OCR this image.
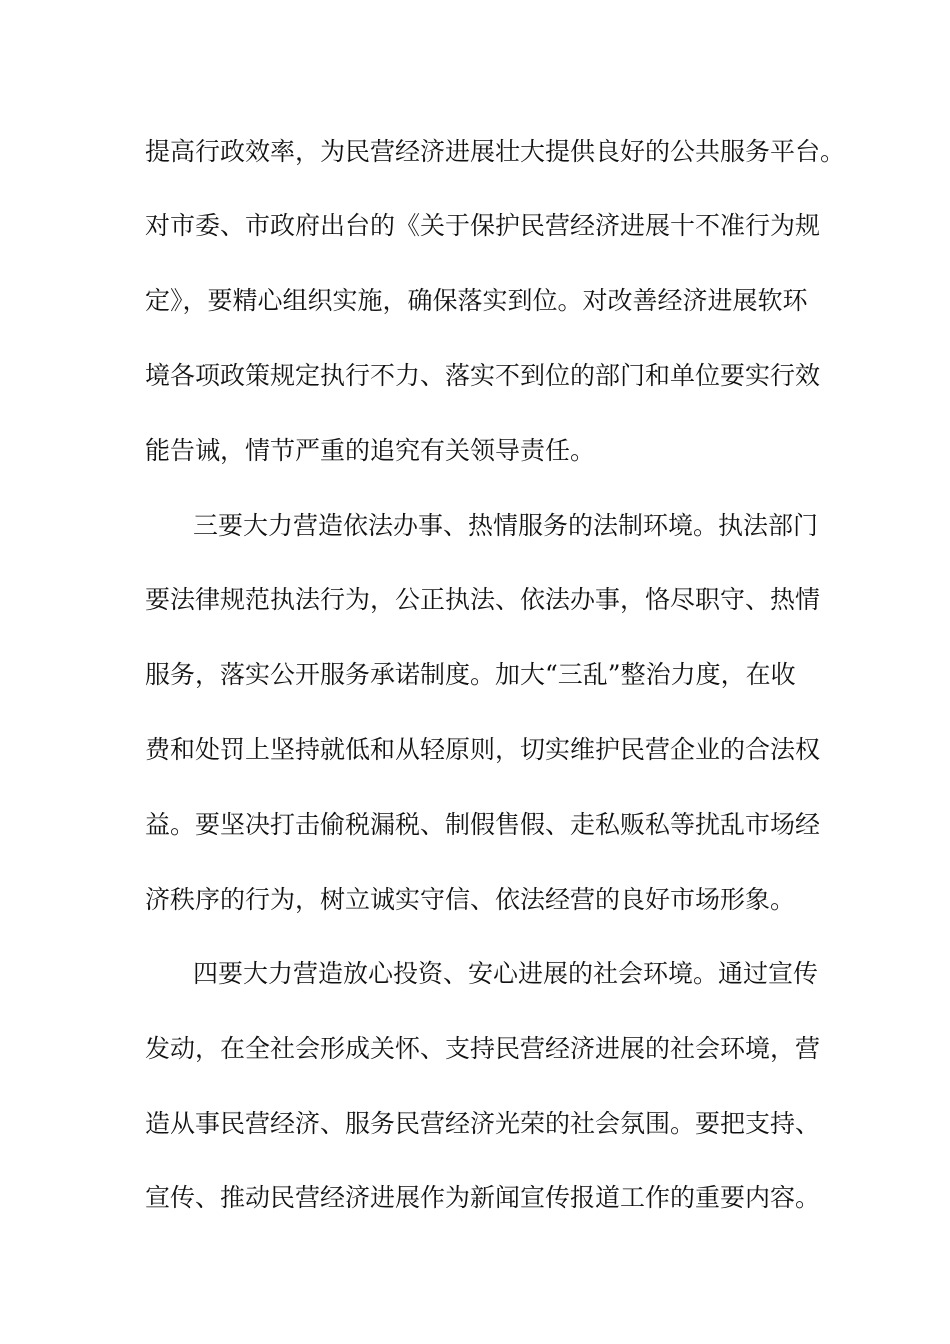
提高行政效率，为民营经济进展壮大提供良好的公共服务平台。
对市委、市政府出台的《关于保护民营经济进展十不准行为规
定》，要精心组织实施，确保落实到位。对改善经济进展软环
境各项政策规定执行不力、落实不到位的部门和单位要实行效
能告诫，情节严重的追究有关领导责任。
三要大力营造依法办事、热情服务的法制环境。执法部门
要法律规范执法行为，公正执法、依法办事，恪尽职守、热情
服务，落实公开服务承诺制度。加大“三乱”整治力度，在收
费和处罚上坚持就低和从轻原则，切实维护民营企业的合法权
益。要坚决打击偷税漏税、制假售假、走私贩私等扰乱市场经
济秩序的行为，树立诚实守信、依法经营的良好市场形象。
四要大力营造放心投资、安心进展的社会环境。通过宣传
发动，在全社会形成关怀、支持民营经济进展的社会环境，营
造从事民营经济、服务民营经济光荣的社会氛围。要把支持、
宣传、推动民营经济进展作为新闻宣传报道工作的重要内容。
